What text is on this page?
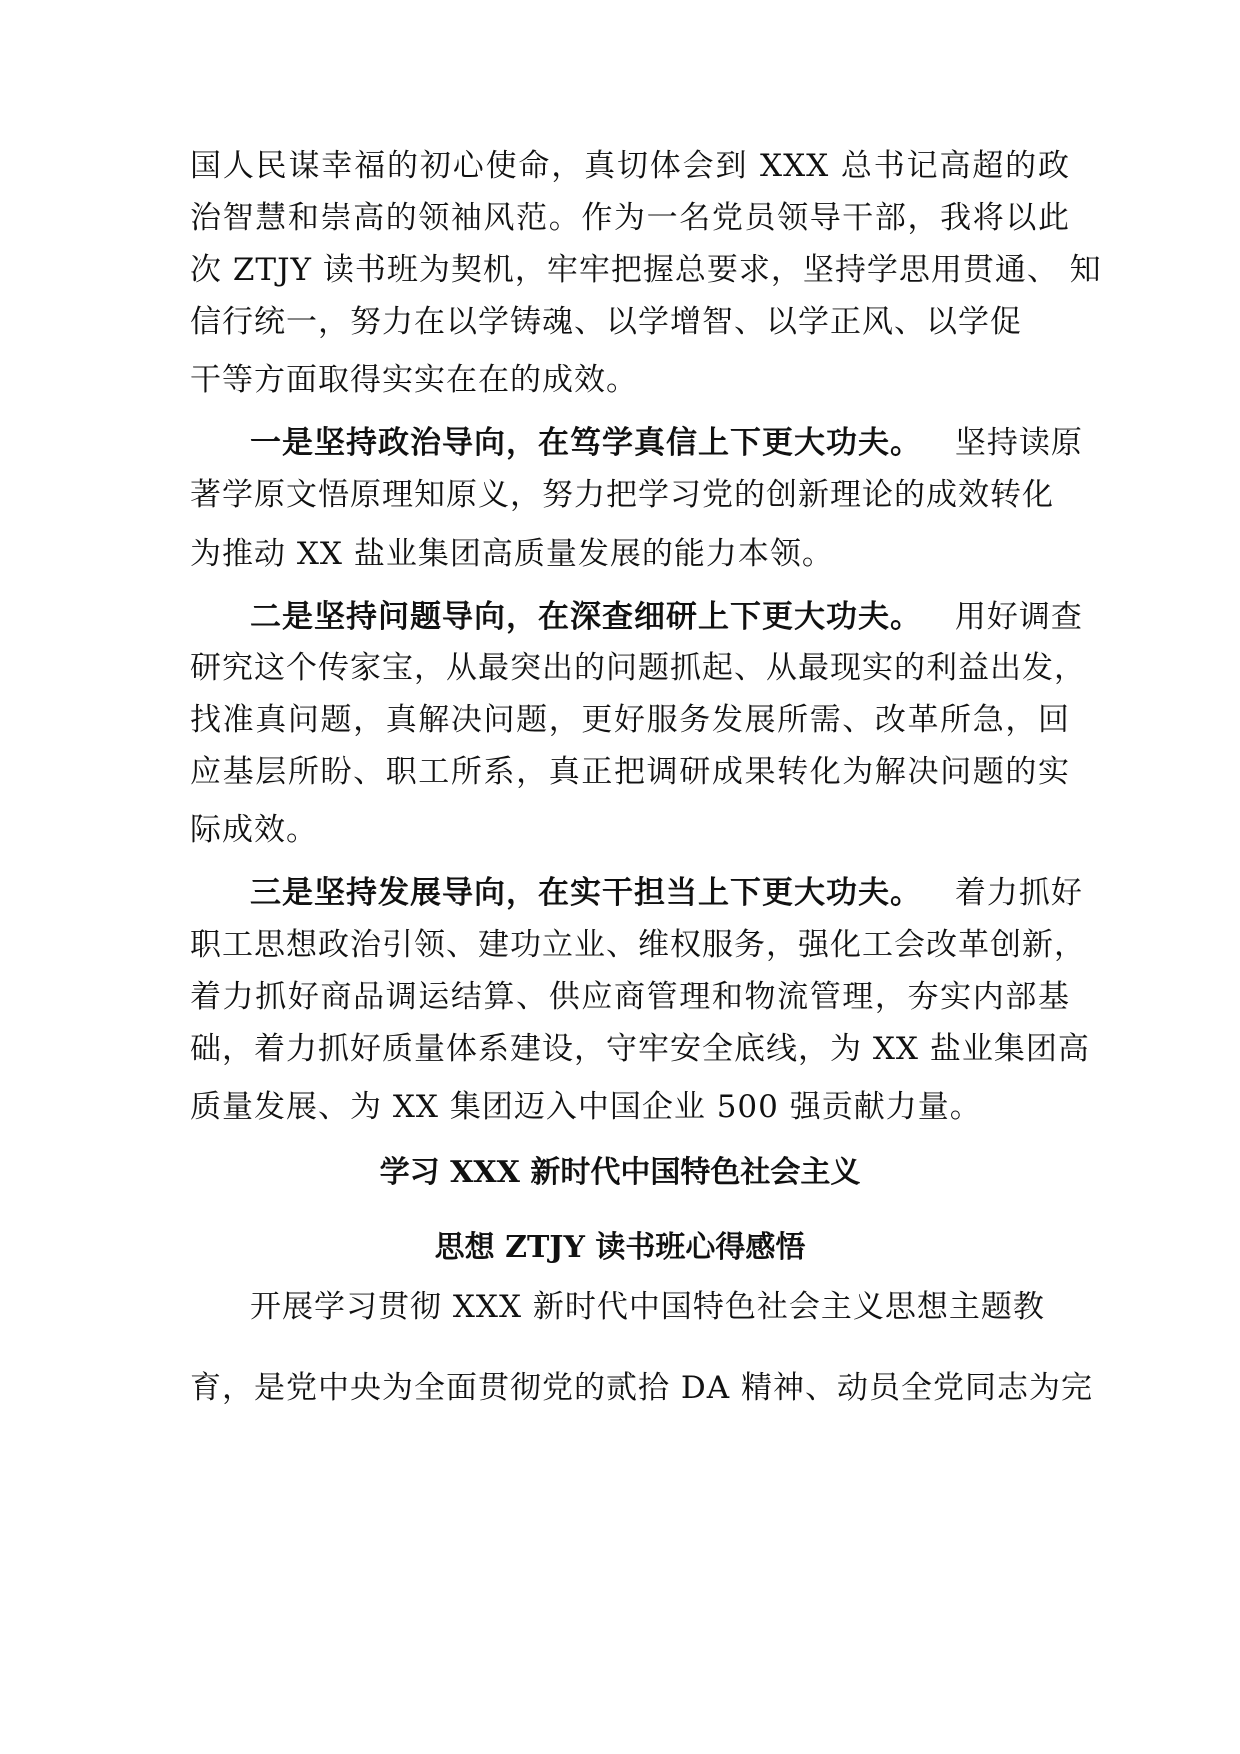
国人民谋幸福的初心使命，真切体会到 XXX 总书记高超的政
治智慧和崇高的领袖风范。作为一名党员领导干部，我将以此
次 ZTJY 读书班为契机，牢牢把握总要求，坚持学思用贯通、 知
信行统一，努力在以学铸魂、以学增智、以学正风、以学促
干等方面取得实实在在的成效。
一是坚持政治导向，在笃学真信上下更大功夫。 坚持读原
著学原文悟原理知原义，努力把学习党的创新理论的成效转化
为推动 XX 盐业集团高质量发展的能力本领。
二是坚持问题导向，在深查细研上下更大功夫。 用好调查
研究这个传家宝，从最突出的问题抓起、从最现实的利益出发，
找准真问题，真解决问题，更好服务发展所需、改革所急，回
应基层所盼、职工所系，真正把调研成果转化为解决问题的实
际成效。
三是坚持发展导向，在实干担当上下更大功夫。 着力抓好
职工思想政治引领、建功立业、维权服务，强化工会改革创新，
着力抓好商品调运结算、供应商管理和物流管理，夯实内部基
础，着力抓好质量体系建设，守牢安全底线，为 XX 盐业集团高
质量发展、为 XX 集团迈入中国企业 500 强贡献力量。
学习 XXX 新时代中国特色社会主义
思想 ZTJY 读书班心得感悟
开展学习贯彻 XXX 新时代中国特色社会主义思想主题教
育，是党中央为全面贯彻党的贰拾 DA 精神、动员全党同志为完
